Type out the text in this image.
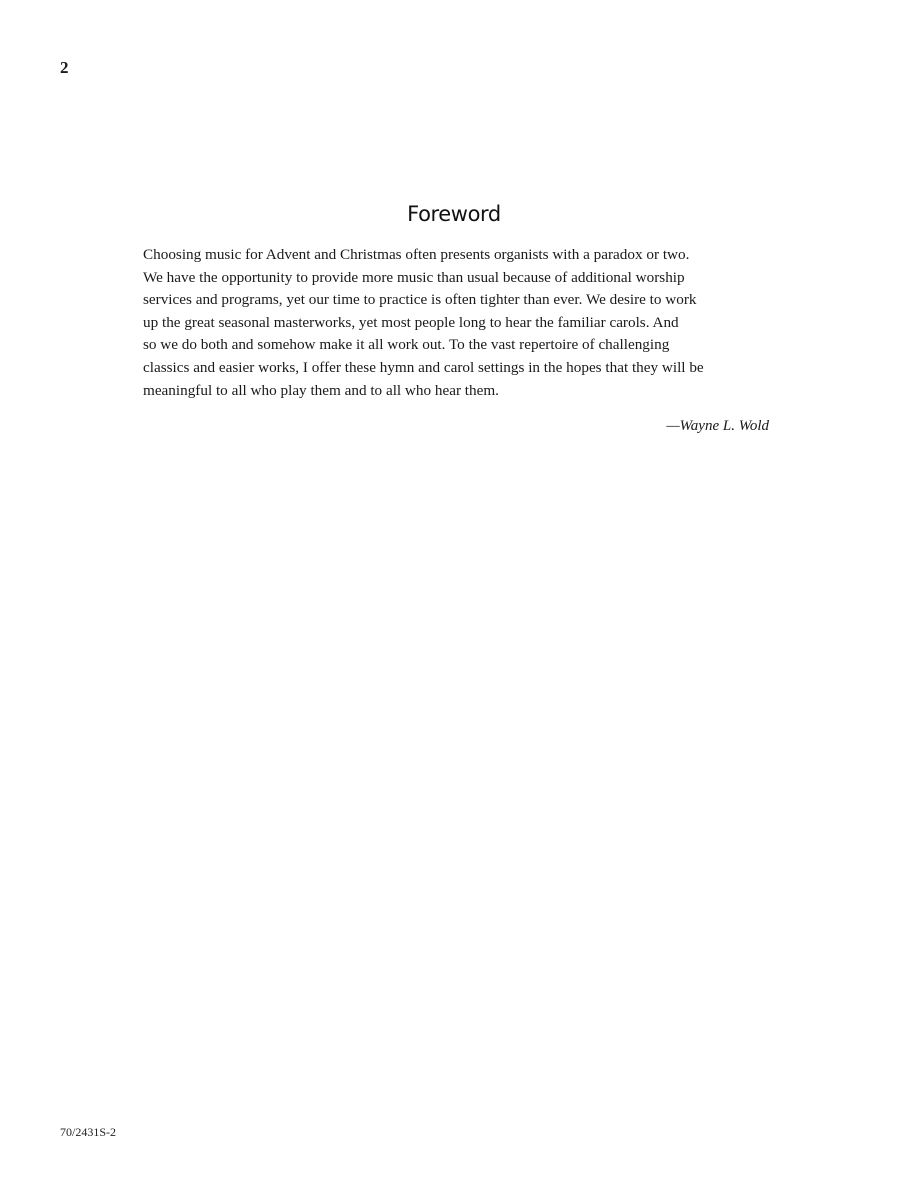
2

Foreword

Choosing music for Advent and Christmas often presents organists with a paradox or two.
We have the opportunity to provide more music than usual because of additional worship
services and programs, yet our time to practice is often tighter than ever. We desire to work
up the great seasonal masterworks, yet most people long to hear the familiar carols. And
so we do both and somehow make it all work out. To the vast repertoire of challenging
classics and easier works, I offer these hymn and carol settings in the hopes that they will be
meaningful to all who play them and to all who hear them.

—Wayne L. Wold

70/2431S-2
